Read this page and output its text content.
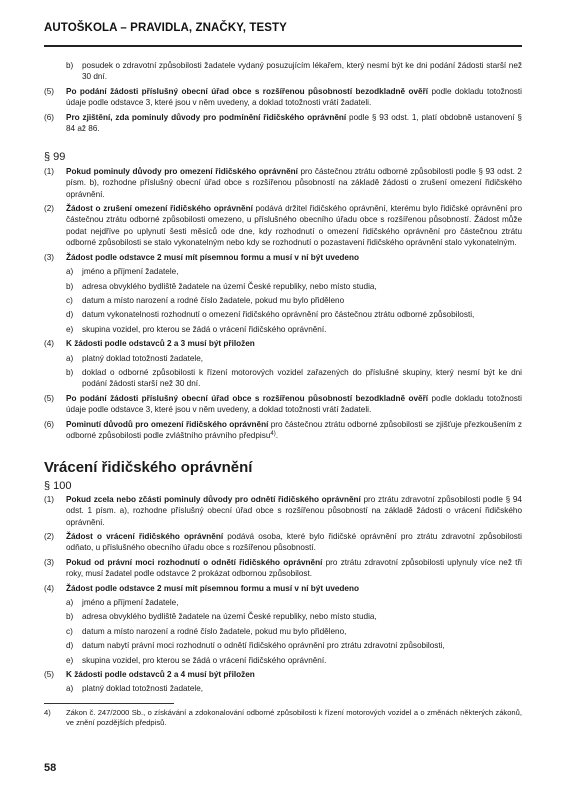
AUTOŠKOLA – PRAVIDLA, ZNAČKY, TESTY
b)	posudek o zdravotní způsobilosti žadatele vydaný posuzujícím lékařem, který nesmí být ke dni podání žádosti starší než 30 dní.
(5)	Po podání žádosti příslušný obecní úřad obce s rozšířenou působností bezodkladně ověří podle dokladu totožnosti údaje podle odstavce 3, které jsou v něm uvedeny, a doklad totožnosti vrátí žadateli.
(6)	Pro zjištění, zda pominuly důvody pro podmínění řidičského oprávnění podle § 93 odst. 1, platí obdobně ustanovení § 84 až 86.
§ 99
(1)	Pokud pominuly důvody pro omezení řidičského oprávnění pro částečnou ztrátu odborné způsobilosti podle § 93 odst. 2 písm. b), rozhodne příslušný obecní úřad obce s rozšířenou působností na základě žádosti o zrušení omezení řidičského oprávnění.
(2)	Žádost o zrušení omezení řidičského oprávnění podává držitel řidičského oprávnění, kterému bylo řidičské oprávnění pro částečnou ztrátu odborné způsobilosti omezeno, u příslušného obecního úřadu obce s rozšířenou působností. Žádost může podat nejdříve po uplynutí šesti měsíců ode dne, kdy rozhodnutí o omezení řidičského oprávnění pro částečnou ztrátu odborné způsobilosti se stalo vykonatelným nebo kdy se rozhodnutí o pozastavení řidičského oprávnění stalo vykonatelným.
(3)	Žádost podle odstavce 2 musí mít písemnou formu a musí v ní být uvedeno
a)	jméno a příjmení žadatele,
b)	adresa obvyklého bydliště žadatele na území České republiky, nebo místo studia,
c)	datum a místo narození a rodné číslo žadatele, pokud mu bylo přiděleno
d)	datum vykonatelnosti rozhodnutí o omezení řidičského oprávnění pro částečnou ztrátu odborné způsobilosti,
e)	skupina vozidel, pro kterou se žádá o vrácení řidičského oprávnění.
(4)	K žádosti podle odstavců 2 a 3 musí být přiložen
a)	platný doklad totožnosti žadatele,
b)	doklad o odborné způsobilosti k řízení motorových vozidel zařazených do příslušné skupiny, který nesmí být ke dni podání žádosti starší než 30 dní.
(5)	Po podání žádosti příslušný obecní úřad obce s rozšířenou působností bezodkladně ověří podle dokladu totožnosti údaje podle odstavce 3, které jsou v něm uvedeny, a doklad totožnosti vrátí žadateli.
(6)	Pominutí důvodů pro omezení řidičského oprávnění pro částečnou ztrátu odborné způsobilosti se zjišťuje přezkoušením z odborné způsobilosti podle zvláštního právního předpisu$^{4)}$.
Vrácení řidičského oprávnění
§ 100
(1)	Pokud zcela nebo zčásti pominuly důvody pro odnětí řidičského oprávnění pro ztrátu zdravotní způsobilosti podle § 94 odst. 1 písm. a), rozhodne příslušný obecní úřad obce s rozšířenou působností na základě žádosti o vrácení řidičského oprávnění.
(2)	Žádost o vrácení řidičského oprávnění podává osoba, které bylo řidičské oprávnění pro ztrátu zdravotní způsobilosti odňato, u příslušného obecního úřadu obce s rozšířenou působností.
(3)	Pokud od právní moci rozhodnutí o odnětí řidičského oprávnění pro ztrátu zdravotní způsobilosti uplynuly více než tři roky, musí žadatel podle odstavce 2 prokázat odbornou způsobilost.
(4)	Žádost podle odstavce 2 musí mít písemnou formu a musí v ní být uvedeno
a)	jméno a příjmení žadatele,
b)	adresa obvyklého bydliště žadatele na území České republiky, nebo místo studia,
c)	datum a místo narození a rodné číslo žadatele, pokud mu bylo přiděleno,
d)	datum nabytí právní moci rozhodnutí o odnětí řidičského oprávnění pro ztrátu zdravotní způsobilosti,
e)	skupina vozidel, pro kterou se žádá o vrácení řidičského oprávnění.
(5)	K žádosti podle odstavců 2 a 4 musí být přiložen
a)	platný doklad totožnosti žadatele,
4)	Zákon č. 247/2000 Sb., o získávání a zdokonalování odborné způsobilosti k řízení motorových vozidel a o změnách některých zákonů, ve znění pozdějších předpisů.
58
